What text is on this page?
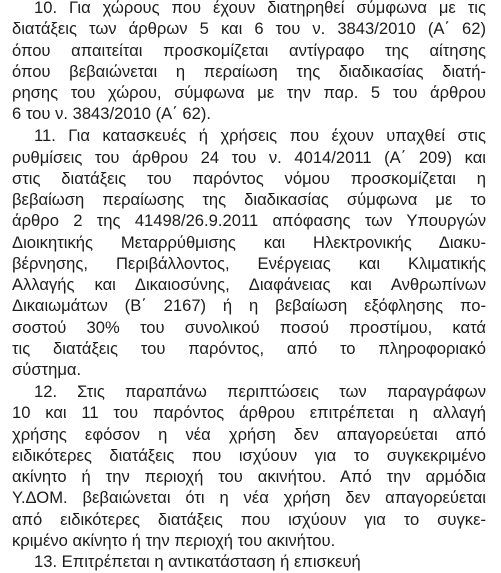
10. Για χώρους που έχουν διατηρηθεί σύμφωνα με τις
διατάξεις των άρθρων 5 και 6 του ν. 3843/2010 (Α΄ 62)
όπου απαιτείται προσκομίζεται αντίγραφο της αίτησης
όπου βεβαιώνεται η περαίωση της διαδικασίας διατή-
ρησης του χώρου, σύμφωνα με την παρ. 5 του άρθρου
6 του ν. 3843/2010 (Α΄ 62).
11. Για κατασκευές ή χρήσεις που έχουν υπαχθεί στις
ρυθμίσεις του άρθρου 24 του ν. 4014/2011 (Α΄ 209) και
στις διατάξεις του παρόντος νόμου προσκομίζεται η
βεβαίωση περαίωσης της διαδικασίας σύμφωνα με το
άρθρο 2 της 41498/26.9.2011 απόφασης των Υπουργών
Διοικητικής Μεταρρύθμισης και Ηλεκτρονικής Διακυ-
βέρνησης, Περιβάλλοντος, Ενέργειας και Κλιματικής
Αλλαγής και Δικαιοσύνης, Διαφάνειας και Ανθρωπίνων
Δικαιωμάτων (Β΄ 2167) ή η βεβαίωση εξόφλησης πο-
σοστού 30% του συνολικού ποσού προστίμου, κατά
τις διατάξεις του παρόντος, από το πληροφοριακό
σύστημα.
12. Στις παραπάνω περιπτώσεις των παραγράφων
10 και 11 του παρόντος άρθρου επιτρέπεται η αλλαγή
χρήσης εφόσον η νέα χρήση δεν απαγορεύεται από
ειδικότερες διατάξεις που ισχύουν για το συγκεκριμένο
ακίνητο ή την περιοχή του ακινήτου. Από την αρμόδια
Υ.ΔΟΜ. βεβαιώνεται ότι η νέα χρήση δεν απαγορεύεται
από ειδικότερες διατάξεις που ισχύουν για το συγκε-
κριμένο ακίνητο ή την περιοχή του ακινήτου.
13. Επιτρέπεται η αντικατάσταση ή επισκευή
